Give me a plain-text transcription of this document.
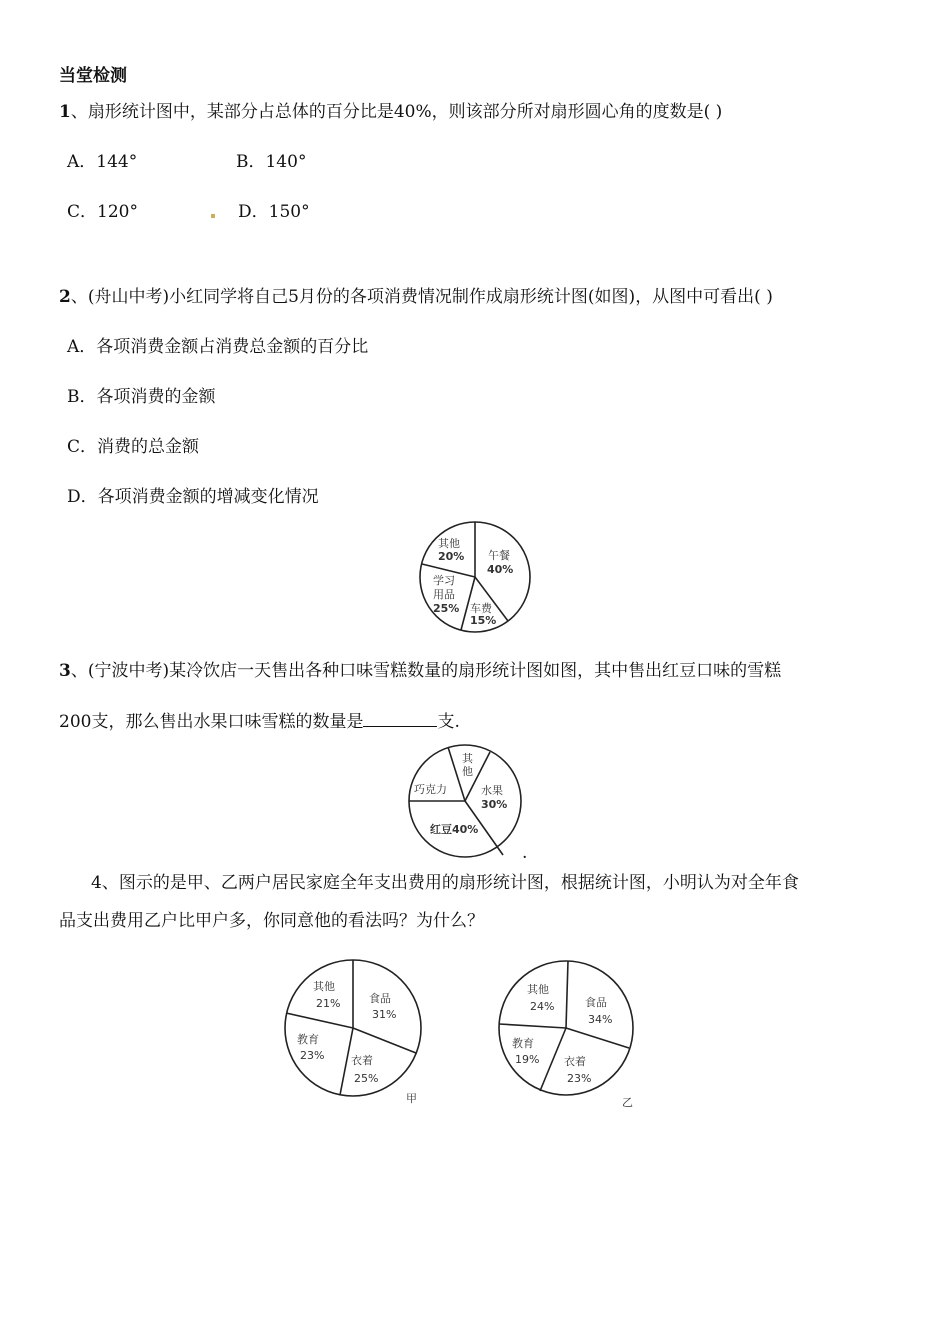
当堂检测
1、扇形统计图中，某部分占总体的百分比是40%，则该部分所对扇形圆心角的度数是( )
A．144°	B．140°
C．120°	D．150°
2、(舟山中考)小红同学将自己5月份的各项消费情况制作成扇形统计图(如图)，从图中可看出( )
A．各项消费金额占消费总金额的百分比
B．各项消费的金额
C．消费的总金额
D．各项消费金额的增减变化情况
其他
20% 午餐
40%
学习
用品
25% 车费
15%
3、(宁波中考)某冷饮店一天售出各种口味雪糕数量的扇形统计图如图，其中售出红豆口味的雪糕
200支，那么售出水果口味雪糕的数量是	支.
其
他
水果
30%
巧克力
红豆40%
.
4、图示的是甲、乙两户居民家庭全年支出费用的扇形统计图，根据统计图，小明认为对全年食
品支出费用乙户比甲户多，你同意他的看法吗？为什么？
其他
21%	食品
31%
教育
23% 衣着
25%
甲
其他
24%	食品
34%
教育
19% 衣着
23%
乙
